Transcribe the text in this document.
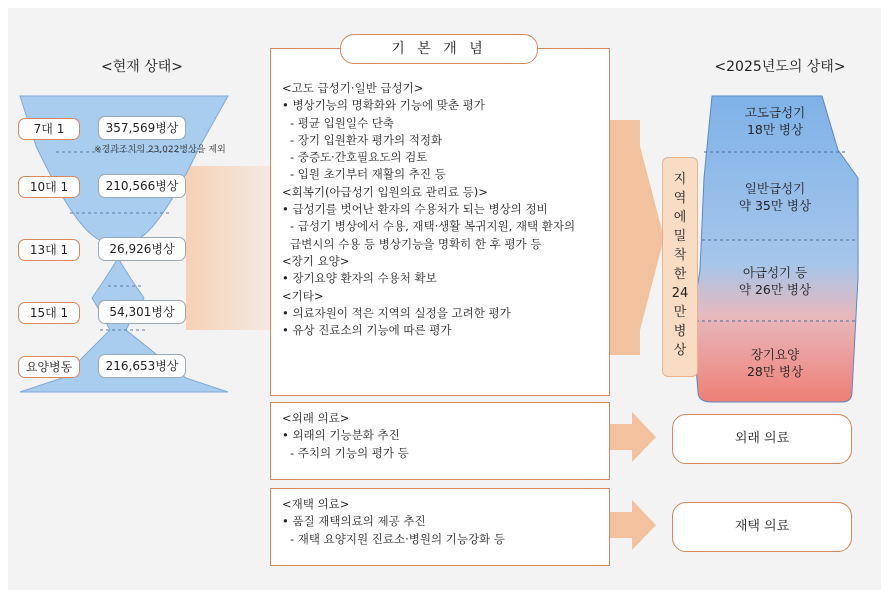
<현재 상태>
7대 1	357,569병상
※경과조치의 23,022병상을 제외
10대 1	210,566병상
13대 1	26,926병상
15대 1	54,301병상
요양병동	216,653병상
기 본 개 념
<고도 급성기·일반 급성기>
• 병상기능의 명확화와 기능에 맞춘 평가
- 평균 입원일수 단축
- 장기 입원환자 평가의 적정화
- 중증도·간호필요도의 검토
- 입원 초기부터 재활의 추진 등
<회복기(아급성기 입원의료 관리료 등)>
• 급성기를 벗어난 환자의 수용처가 되는 병상의 정비
- 급성기 병상에서 수용, 재택·생활 복귀지원, 재택 환자의
급변시의 수용 등 병상기능을 명확히 한 후 평가 등
<장기 요양>
• 장기요양 환자의 수용처 확보
<기타>
• 의료자원이 적은 지역의 실정을 고려한 평가
• 유상 진료소의 기능에 따른 평가
<외래 의료>
• 외래의 기능분화 추진
- 주치의 기능의 평가 등
<재택 의료>
• 품질 재택의료의 제공 추진
- 재택 요양지원 진료소·병원의 기능강화 등
<2025년도의 상태>
고도급성기
18만 병상
일반급성기
약 35만 병상
아급성기 등
약 26만 병상
장기요양
28만 병상
지
역
에
밀
착
한
24
만
병
상
외래 의료
재택 의료
